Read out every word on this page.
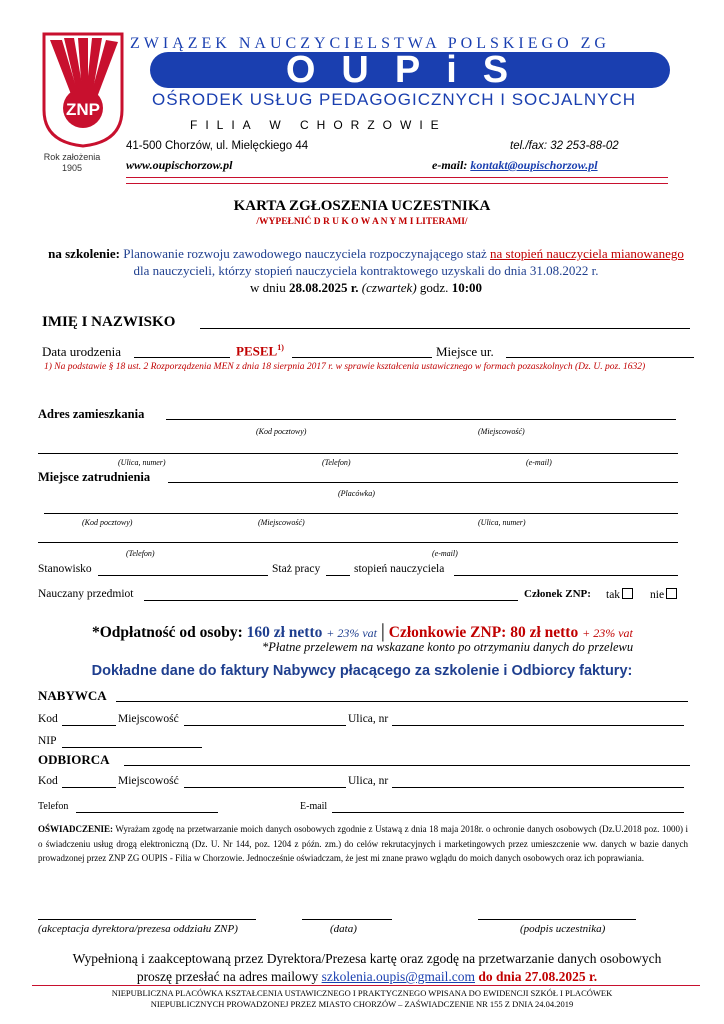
ZNP
Rok założenia
1905
ZWIĄZEK NAUCZYCIELSTWA POLSKIEGO ZG
OUPiS
OŚRODEK USŁUG PEDAGOGICZNYCH I SOCJALNYCH
FILIA W CHORZOWIE
41-500 Chorzów, ul. Mielęckiego 44	tel./fax: 32 253-88-02
www.oupischorzow.pl	e-mail: kontakt@oupischorzow.pl
KARTA ZGŁOSZENIA UCZESTNIKA
/WYPEŁNIĆ D R U K O W A N Y M I LITERAMI/
na szkolenie: Planowanie rozwoju zawodowego nauczyciela rozpoczynającego staż na stopień nauczyciela mianowanego dla nauczycieli, którzy stopień nauczyciela kontraktowego uzyskali do dnia 31.08.2022 r.
w dniu 28.08.2025 r. (czwartek) godz. 10:00
IMIĘ I NAZWISKO
Data urodzenia	PESEL$^{1)}$	Miejsce ur.
1) Na podstawie § 18 ust. 2 Rozporządzenia MEN z dnia 18 sierpnia 2017 r. w sprawie kształcenia ustawicznego w formach pozaszkolnych (Dz. U. poz. 1632)
Adres zamieszkania
(Kod pocztowy)	(Miejscowość)
(Ulica, numer)	(Telefon)	(e-mail)
Miejsce zatrudnienia
(Placówka)
(Kod pocztowy)	(Miejscowość)	(Ulica, numer)
(Telefon)	(e-mail)
Stanowisko	Staż pracy	stopień nauczyciela
Nauczany przedmiot	Członek ZNP: tak	nie
*Odpłatność od osoby: 160 zł netto + 23% vat | Członkowie ZNP: 80 zł netto + 23% vat
*Płatne przelewem na wskazane konto po otrzymaniu danych do przelewu
Dokładne dane do faktury Nabywcy płacącego za szkolenie i Odbiorcy faktury:
NABYWCA
Kod	Miejscowość	Ulica, nr
NIP
ODBIORCA
Kod	Miejscowość	Ulica, nr
Telefon	E-mail
OŚWIADCZENIE: Wyrażam zgodę na przetwarzanie moich danych osobowych zgodnie z Ustawą z dnia 18 maja 2018r. o ochronie danych osobowych (Dz.U.2018 poz. 1000) i o świadczeniu usług drogą elektroniczną (Dz. U. Nr 144, poz. 1204 z późn. zm.) do celów rekrutacyjnych i marketingowych przez umieszczenie ww. danych w bazie danych prowadzonej przez ZNP ZG OUPIS - Filia w Chorzowie. Jednocześnie oświadczam, że jest mi znane prawo wglądu do moich danych osobowych oraz ich poprawiania.
(akceptacja dyrektora/prezesa oddziału ZNP)	(data)	(podpis uczestnika)
Wypełnioną i zaakceptowaną przez Dyrektora/Prezesa kartę oraz zgodę na przetwarzanie danych osobowych
proszę przesłać na adres mailowy szkolenia.oupis@gmail.com do dnia 27.08.2025 r.
NIEPUBLICZNA PLACÓWKA KSZTAŁCENIA USTAWICZNEGO I PRAKTYCZNEGO WPISANA DO EWIDENCJI SZKÓŁ I PLACÓWEK
NIEPUBLICZNYCH PROWADZONEJ PRZEZ MIASTO CHORZÓW – ZAŚWIADCZENIE NR 155 Z DNIA 24.04.2019
